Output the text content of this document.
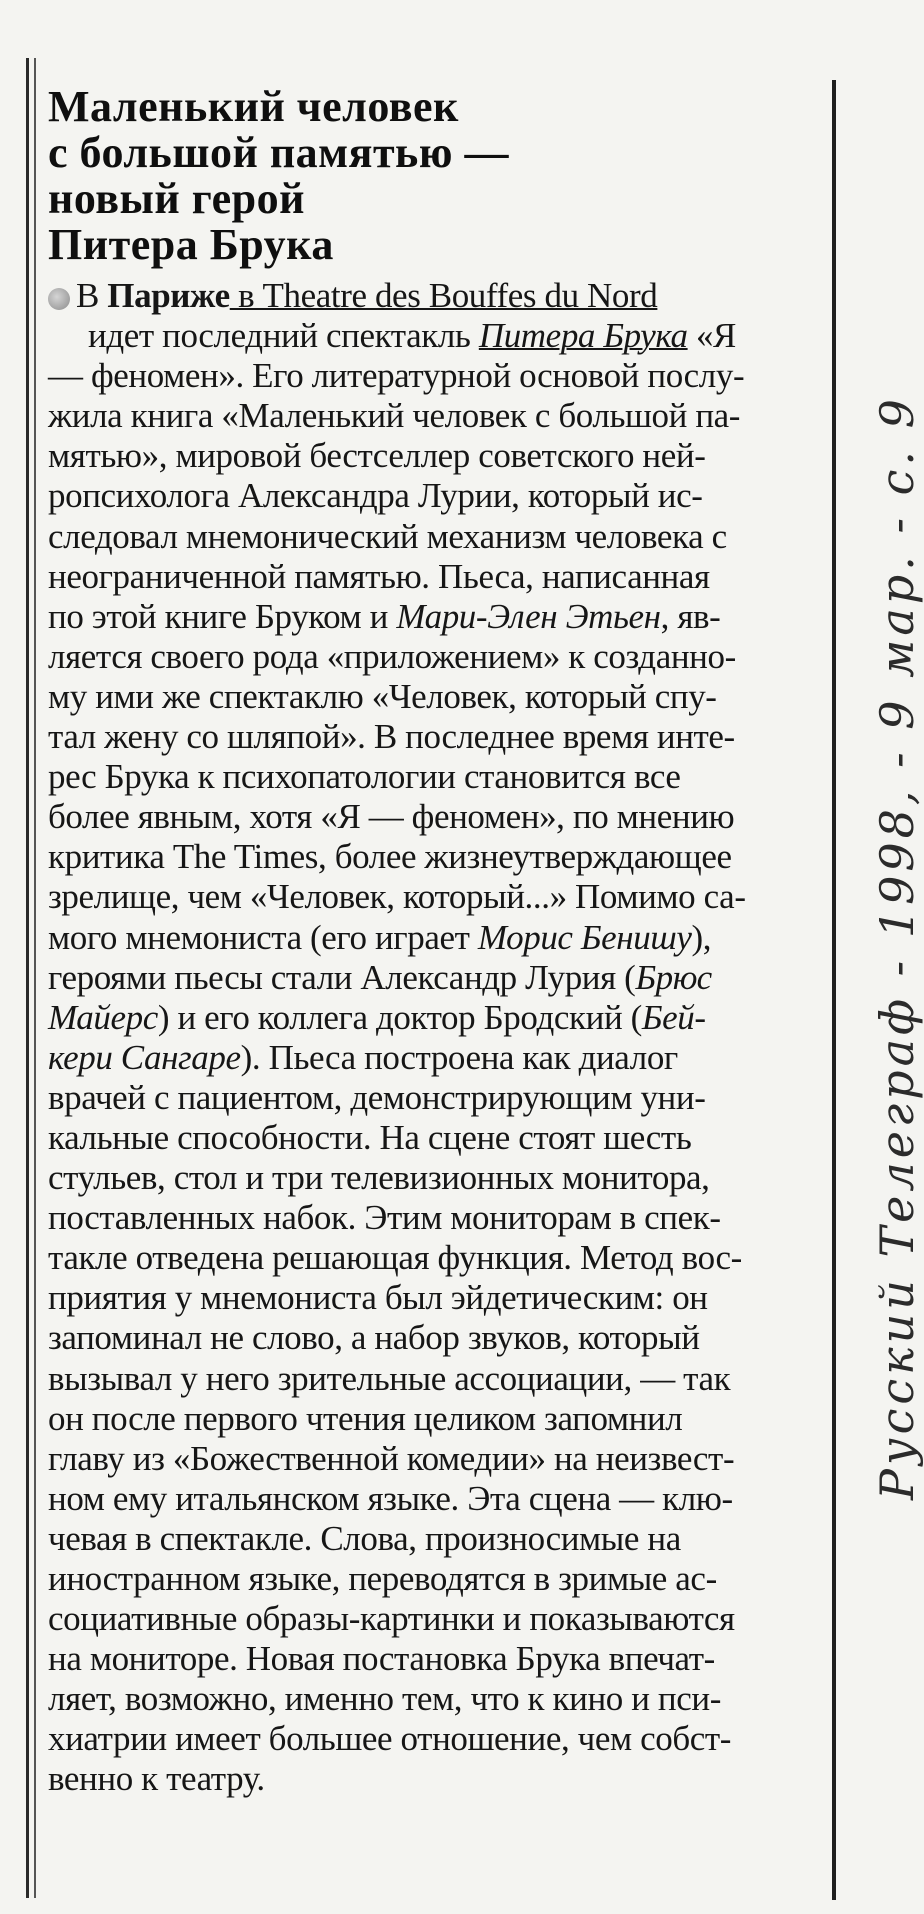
Маленький человек
с большой памятью —
новый герой
Питера Брука
В Париже в Theatre des Bouffes du Nord
идет последний спектакль Питера Брука «Я
— феномен». Его литературной основой послу-
жила книга «Маленький человек с большой па-
мятью», мировой бестселлер советского ней-
ропсихолога Александра Лурии, который ис-
следовал мнемонический механизм человека с
неограниченной памятью. Пьеса, написанная
по этой книге Бруком и Мари-Элен Этьен, яв-
ляется своего рода «приложением» к созданно-
му ими же спектаклю «Человек, который спу-
тал жену со шляпой». В последнее время инте-
рес Брука к психопатологии становится все
более явным, хотя «Я — феномен», по мнению
критика The Times, более жизнеутверждающее
зрелище, чем «Человек, который...» Помимо са-
мого мнемониста (его играет Морис Бенишу),
героями пьесы стали Александр Лурия (Брюс
Майерс) и его коллега доктор Бродский (Бей-
кери Сангаре). Пьеса построена как диалог
врачей с пациентом, демонстрирующим уни-
кальные способности. На сцене стоят шесть
стульев, стол и три телевизионных монитора,
поставленных набок. Этим мониторам в спек-
такле отведена решающая функция. Метод вос-
приятия у мнемониста был эйдетическим: он
запоминал не слово, а набор звуков, который
вызывал у него зрительные ассоциации, — так
он после первого чтения целиком запомнил
главу из «Божественной комедии» на неизвест-
ном ему итальянском языке. Эта сцена — клю-
чевая в спектакле. Слова, произносимые на
иностранном языке, переводятся в зримые ас-
социативные образы-картинки и показываются
на мониторе. Новая постановка Брука впечат-
ляет, возможно, именно тем, что к кино и пси-
хиатрии имеет большее отношение, чем собст-
венно к театру.
Русский Телеграф - 1998, - 9 мар. - с. 9
